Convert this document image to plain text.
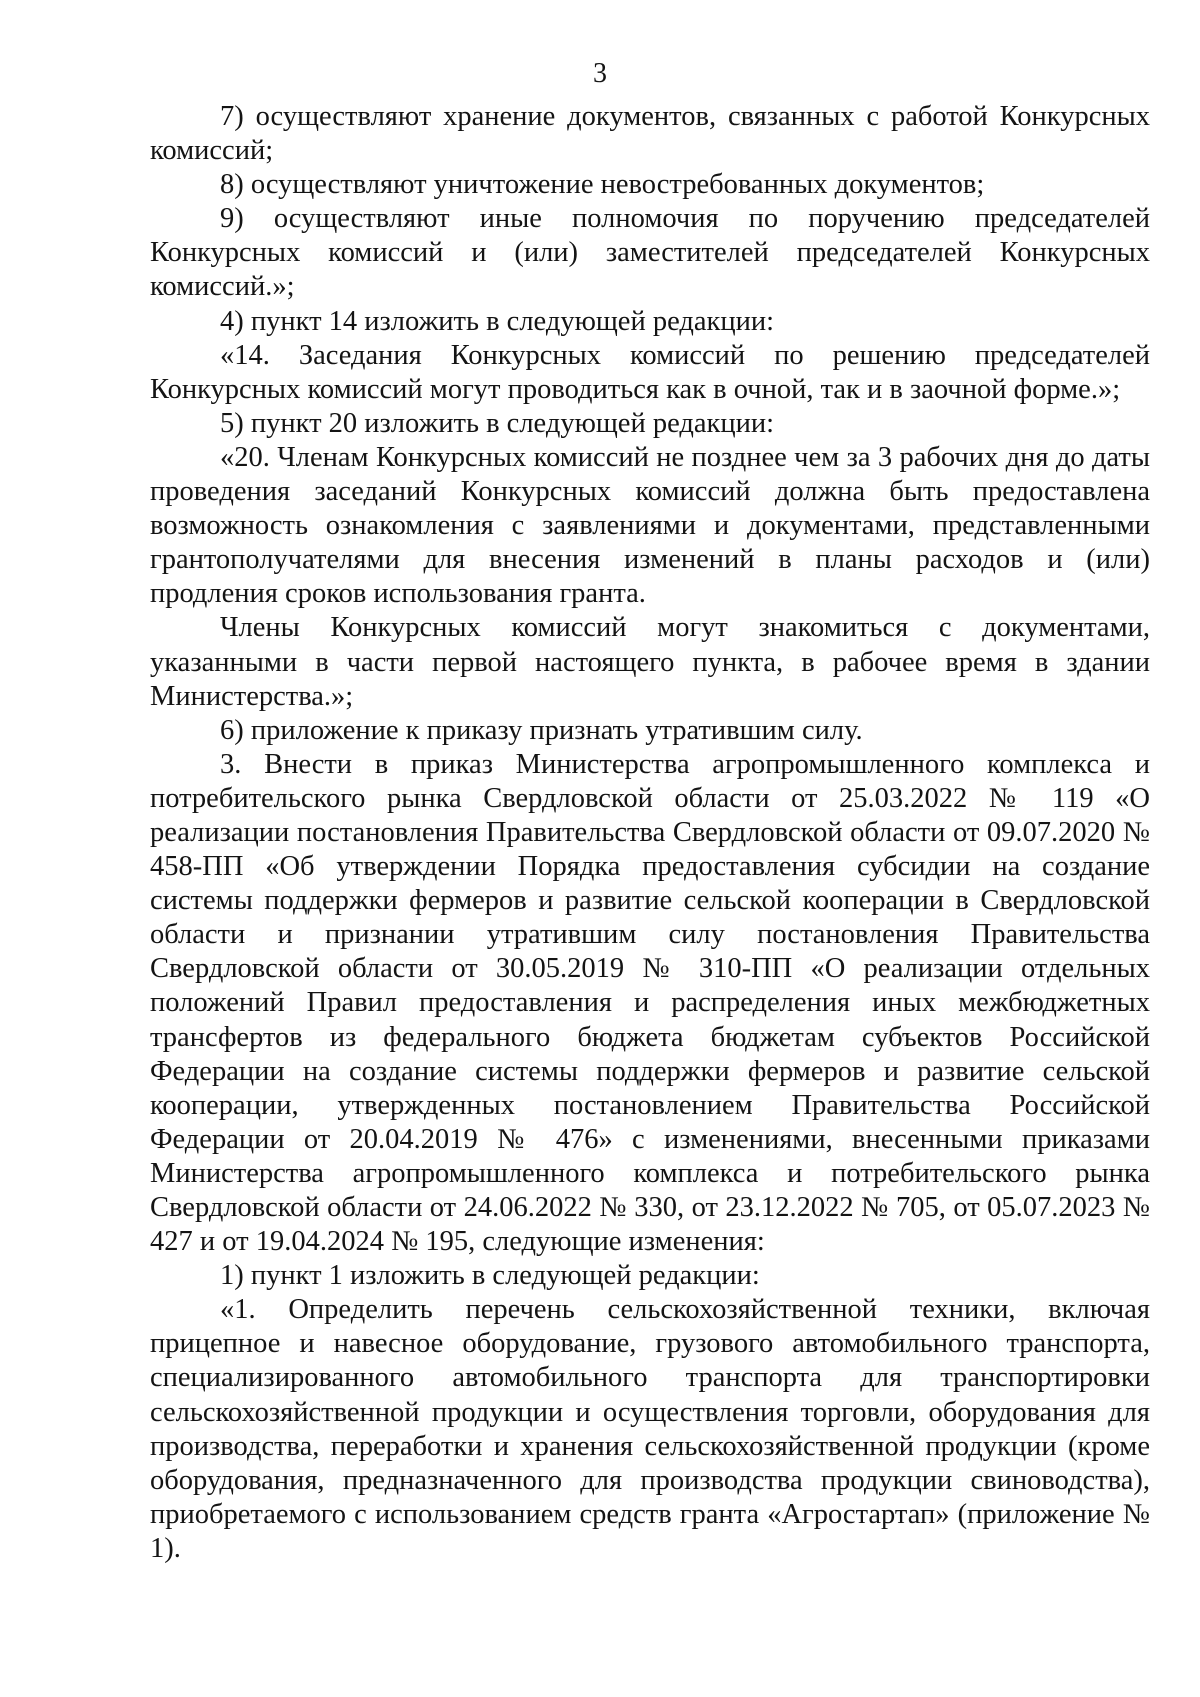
3

7) осуществляют хранение документов, связанных с работой Конкурсных комиссий;

8) осуществляют уничтожение невостребованных документов;

9) осуществляют иные полномочия по поручению председателей Конкурсных комиссий и (или) заместителей председателей Конкурсных комиссий.»;

4) пункт 14 изложить в следующей редакции:

«14. Заседания Конкурсных комиссий по решению председателей Конкурсных комиссий могут проводиться как в очной, так и в заочной форме.»;

5) пункт 20 изложить в следующей редакции:

«20. Членам Конкурсных комиссий не позднее чем за 3 рабочих дня до даты проведения заседаний Конкурсных комиссий должна быть предоставлена возможность ознакомления с заявлениями и документами, представленными грантополучателями для внесения изменений в планы расходов и (или) продления сроков использования гранта.

Члены Конкурсных комиссий могут знакомиться с документами, указанными в части первой настоящего пункта, в рабочее время в здании Министерства.»;

6) приложение к приказу признать утратившим силу.

3. Внести в приказ Министерства агропромышленного комплекса и потребительского рынка Свердловской области от 25.03.2022 № 119 «О реализации постановления Правительства Свердловской области от 09.07.2020 № 458-ПП «Об утверждении Порядка предоставления субсидии на создание системы поддержки фермеров и развитие сельской кооперации в Свердловской области и признании утратившим силу постановления Правительства Свердловской области от 30.05.2019 № 310-ПП «О реализации отдельных положений Правил предоставления и распределения иных межбюджетных трансфертов из федерального бюджета бюджетам субъектов Российской Федерации на создание системы поддержки фермеров и развитие сельской кооперации, утвержденных постановлением Правительства Российской Федерации от 20.04.2019 № 476» с изменениями, внесенными приказами Министерства агропромышленного комплекса и потребительского рынка Свердловской области от 24.06.2022 № 330, от 23.12.2022 № 705, от 05.07.2023 № 427 и от 19.04.2024 № 195, следующие изменения:

1) пункт 1 изложить в следующей редакции:

«1. Определить перечень сельскохозяйственной техники, включая прицепное и навесное оборудование, грузового автомобильного транспорта, специализированного автомобильного транспорта для транспортировки сельскохозяйственной продукции и осуществления торговли, оборудования для производства, переработки и хранения сельскохозяйственной продукции (кроме оборудования, предназначенного для производства продукции свиноводства), приобретаемого с использованием средств гранта «Агростартап» (приложение № 1).
